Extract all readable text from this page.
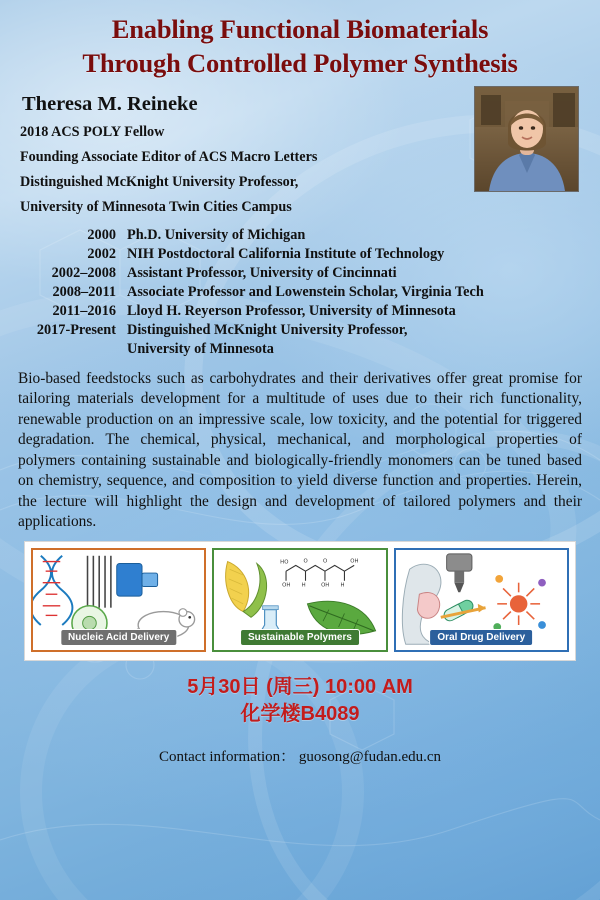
Enabling Functional Biomaterials
Through Controlled Polymer Synthesis
Theresa M. Reineke
2018 ACS POLY Fellow
Founding Associate Editor of ACS Macro Letters
Distinguished McKnight University Professor,
University of Minnesota Twin Cities Campus
2000 Ph.D. University of Michigan
2002 NIH Postdoctoral California Institute of Technology
2002–2008 Assistant Professor, University of Cincinnati
2008–2011 Associate Professor and Lowenstein Scholar, Virginia Tech
2011–2016 Lloyd H. Reyerson Professor, University of Minnesota
2017-Present Distinguished McKnight University Professor,
University of Minnesota
Bio-based feedstocks such as carbohydrates and their derivatives offer great promise for tailoring materials development for a multitude of uses due to their rich functionality, renewable production on an impressive scale, low toxicity, and the potential for triggered degradation. The chemical, physical, mechanical, and morphological properties of polymers containing sustainable and biologically-friendly monomers can be tuned based on chemistry, sequence, and composition to yield diverse function and properties. Herein, the lecture will highlight the design and development of tailored polymers and their applications.
Nucleic Acid Delivery
HO	O	O	OH
OH H	OH H
Sustainable Polymers	Oral Drug Delivery
5月30日 (周三) 10:00 AM
化学楼B4089
Contact information： guosong@fudan.edu.cn
